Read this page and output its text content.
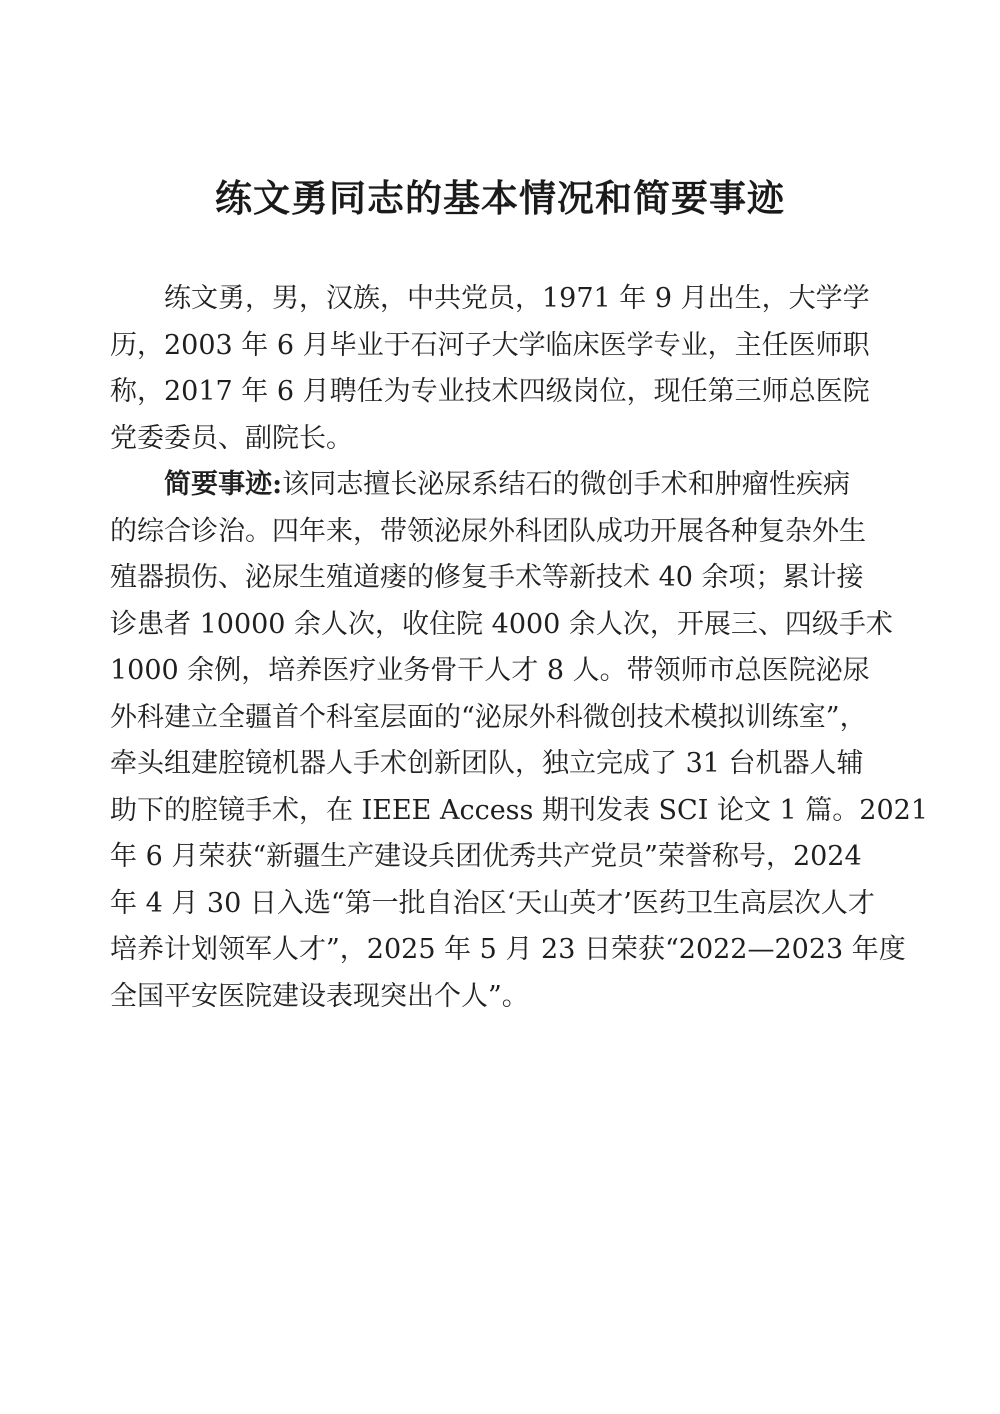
练文勇同志的基本情况和简要事迹
练文勇，男，汉族，中共党员，1971 年 9 月出生，大学学
历，2003 年 6 月毕业于石河子大学临床医学专业，主任医师职
称，2017 年 6 月聘任为专业技术四级岗位，现任第三师总医院
党委委员、副院长。
简要事迹:该同志擅长泌尿系结石的微创手术和肿瘤性疾病
的综合诊治。四年来，带领泌尿外科团队成功开展各种复杂外生
殖器损伤、泌尿生殖道瘘的修复手术等新技术 40 余项；累计接
诊患者 10000 余人次，收住院 4000 余人次，开展三、四级手术
1000 余例，培养医疗业务骨干人才 8 人。带领师市总医院泌尿
外科建立全疆首个科室层面的“泌尿外科微创技术模拟训练室”，
牵头组建腔镜机器人手术创新团队，独立完成了 31 台机器人辅
助下的腔镜手术，在 IEEE Access 期刊发表 SCI 论文 1 篇。2021
年 6 月荣获“新疆生产建设兵团优秀共产党员”荣誉称号，2024
年 4 月 30 日入选“第一批自治区‘天山英才’医药卫生高层次人才
培养计划领军人才”，2025 年 5 月 23 日荣获“2022—2023 年度
全国平安医院建设表现突出个人”。
